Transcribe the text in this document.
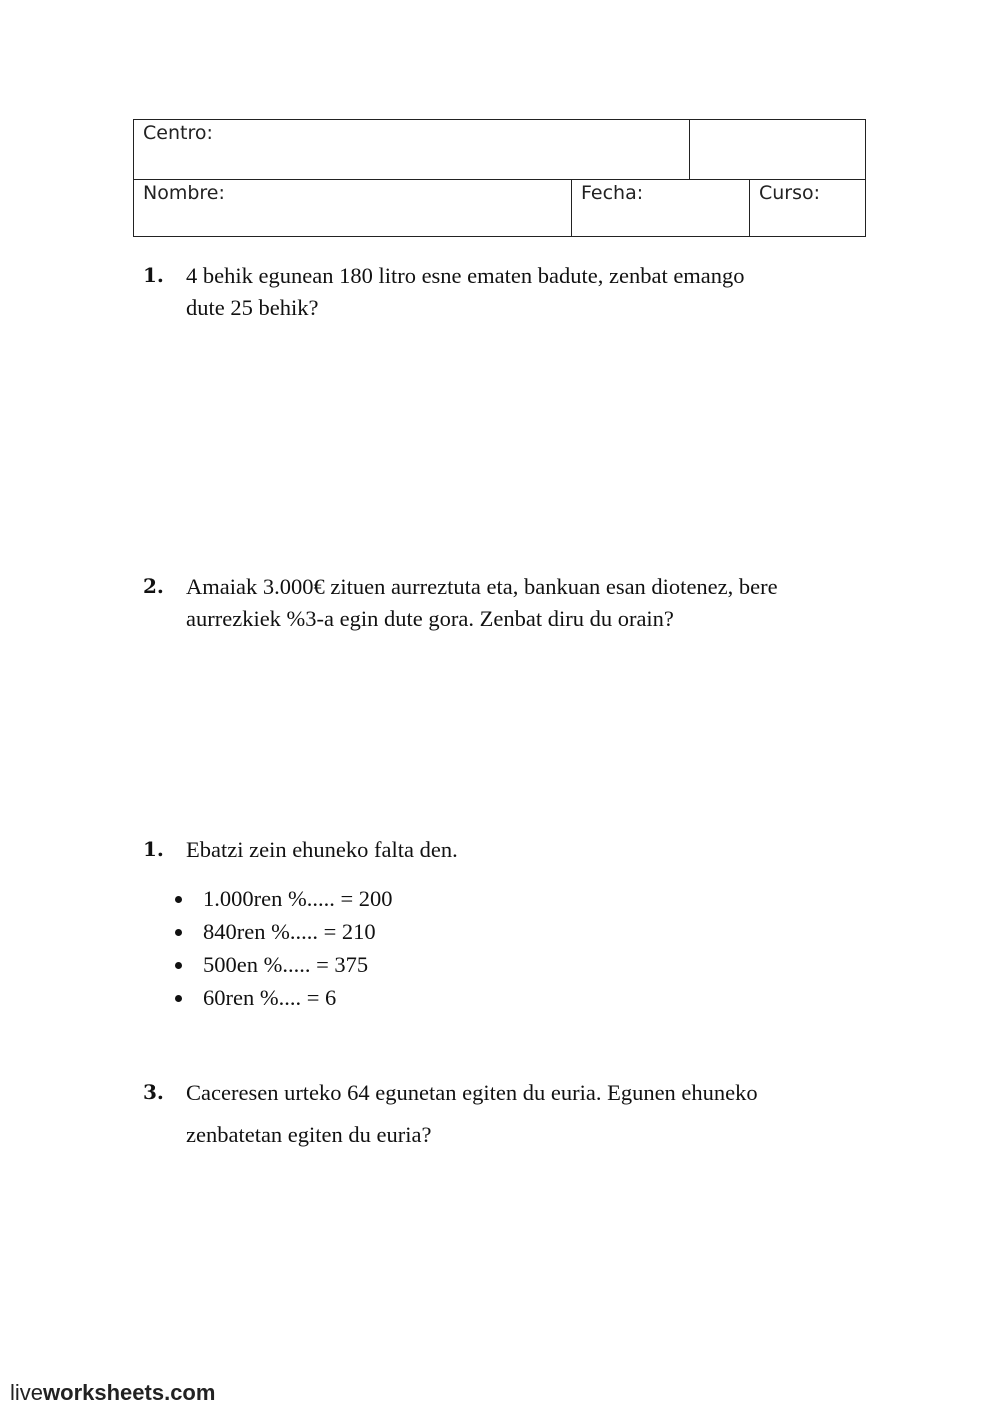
Centro:
Nombre:	Fecha:	Curso:
1. 4 behik egunean 180 litro esne ematen badute, zenbat emango
dute 25 behik?
2. Amaiak 3.000€ zituen aurreztuta eta, bankuan esan diotenez, bere
aurrezkiek %3-a egin dute gora. Zenbat diru du orain?
1. Ebatzi zein ehuneko falta den.
1.000ren %..... = 200
840ren %..... = 210
500en %..... = 375
60ren %.... = 6
3. Caceresen urteko 64 egunetan egiten du euria. Egunen ehuneko
zenbatetan egiten du euria?
liveworksheets.com
